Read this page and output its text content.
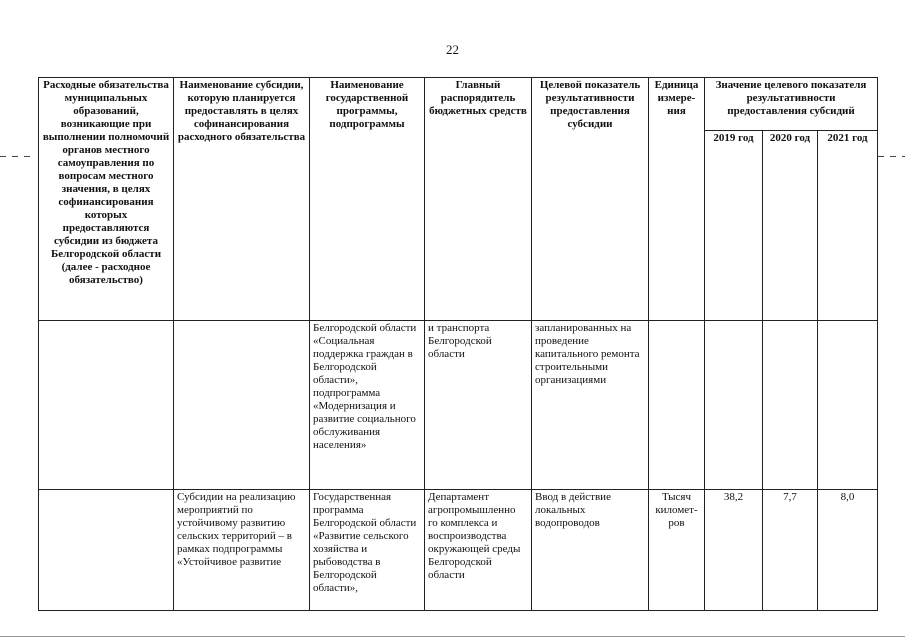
22
Расходные обязательства муниципальных образований, возникающие при выполнении полномочий органов местного самоуправления по вопросам местного значения, в целях софинансирования которых предоставляются субсидии из бюджета Белгородской области (далее - расходное обязательство)	Наименование субсидии, которую планируется предоставлять в целях софинансирования расходного обязательства	Наименование государственной программы, подпрограммы	Главный распорядитель бюджетных средств	Целевой показатель результативности предоставления субсидии	Единица измере-ния	Значение целевого показателя результативности предоставления субсидий		
						2019 год	2020 год	2021 год
		Белгородской области «Социальная поддержка граждан в Белгородской области», подпрограмма «Модернизация и развитие социального обслуживания населения»	и транспорта Белгородской области	запланированных на проведение капитального ремонта строительными организациями				
	Субсидии на реализацию мероприятий по устойчивому развитию сельских территорий – в рамках подпрограммы «Устойчивое развитие	Государственная программа Белгородской области «Развитие сельского хозяйства и рыбоводства в Белгородской области»,	Департамент агропромышленно го комплекса и воспроизводства окружающей среды Белгородской области	Ввод в действие локальных водопроводов	Тысяч километ-ров	38,2	7,7	8,0
